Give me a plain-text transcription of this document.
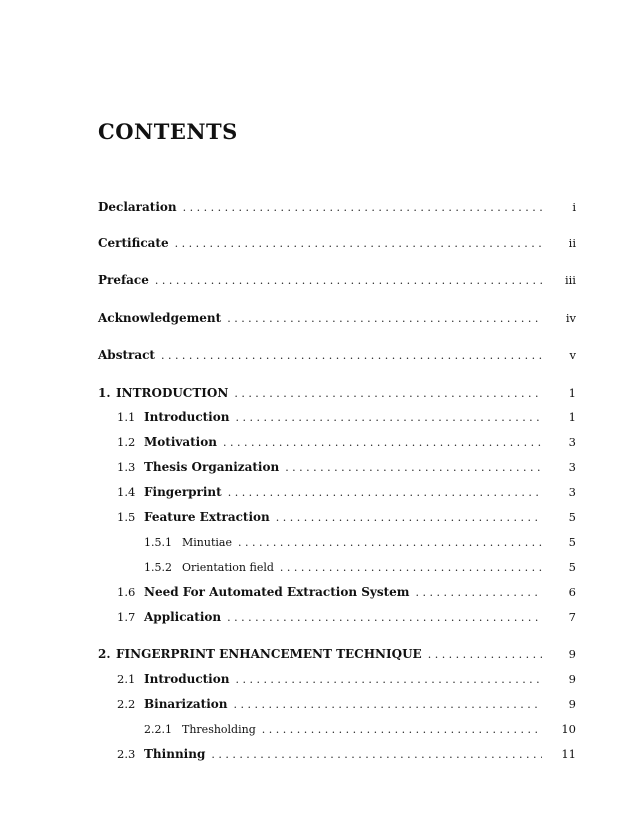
CONTENTS
Declaration . . .	i
Certificate . . .	ii
Preface . . .	iii
Acknowledgement . . .	iv
Abstract . . .	v
1. INTRODUCTION . . .	1
1.1 Introduction . . .	1
1.2 Motivation . . .	3
1.3 Thesis Organization . . .	3
1.4 Fingerprint . . .	3
1.5 Feature Extraction . . .	5
1.5.1 Minutiae . . .	5
1.5.2 Orientation field . . .	5
1.6 Need For Automated Extraction System . . .	6
1.7 Application . . .	7
2. FINGERPRINT ENHANCEMENT TECHNIQUE . . .	9
2.1 Introduction . . .	9
2.2 Binarization . . .	9
2.2.1 Thresholding . . .	10
2.3 Thinning . . .	11
